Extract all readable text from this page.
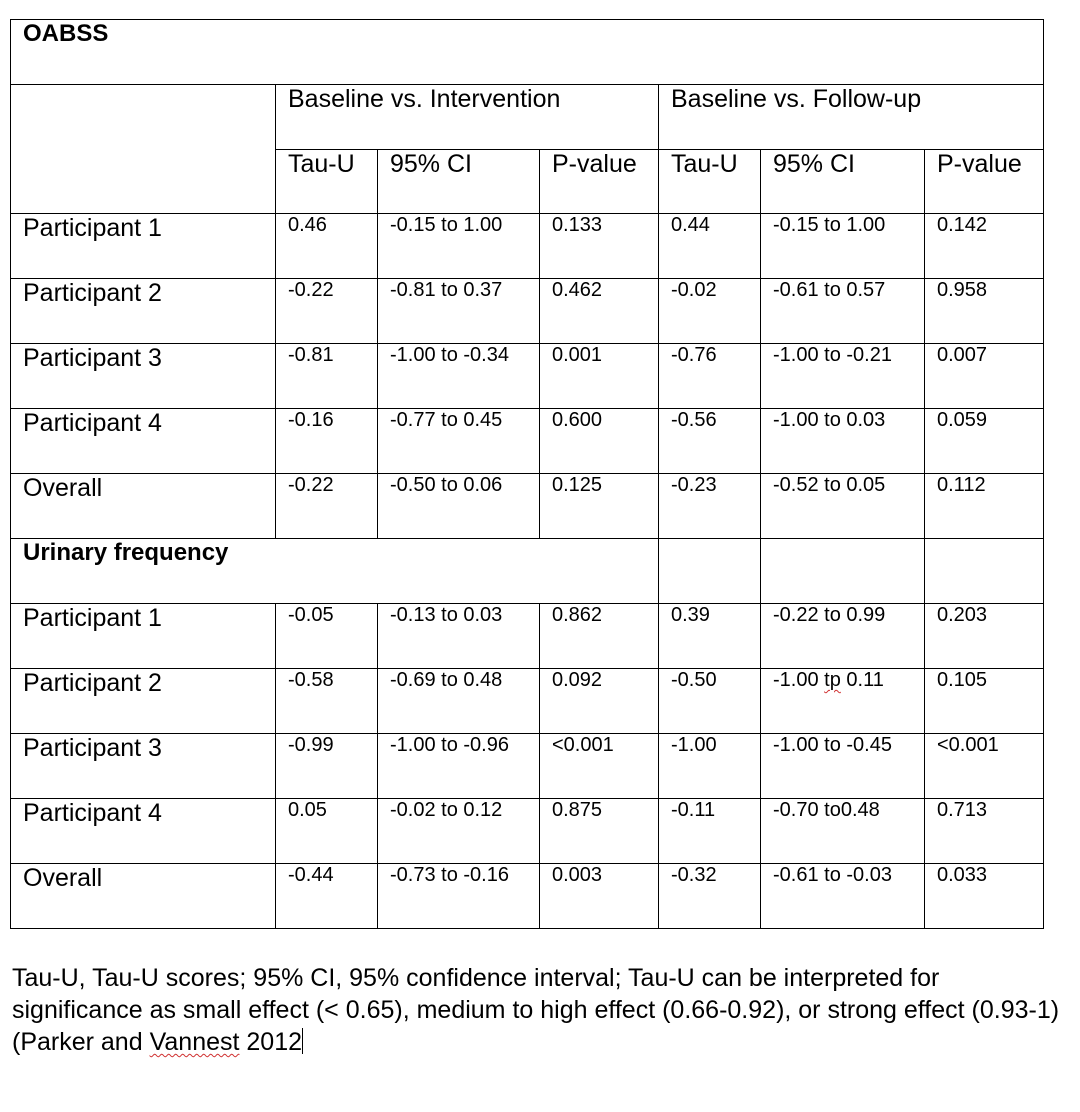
OABSS						
	Baseline vs. Intervention			Baseline vs. Follow-up		
	Tau-U	95% CI	P-value	Tau-U	95% CI	P-value
Participant 1	0.46	-0.15 to 1.00	0.133	0.44	-0.15 to 1.00	0.142
Participant 2	-0.22	-0.81 to 0.37	0.462	-0.02	-0.61 to 0.57	0.958
Participant 3	-0.81	-1.00 to -0.34	0.001	-0.76	-1.00 to -0.21	0.007
Participant 4	-0.16	-0.77 to 0.45	0.600	-0.56	-1.00 to 0.03	0.059
Overall	-0.22	-0.50 to 0.06	0.125	-0.23	-0.52 to 0.05	0.112
Urinary frequency						
Participant 1	-0.05	-0.13 to 0.03	0.862	0.39	-0.22 to 0.99	0.203
Participant 2	-0.58	-0.69 to 0.48	0.092	-0.50	-1.00 tp 0.11	0.105
Participant 3	-0.99	-1.00 to -0.96	<0.001	-1.00	-1.00 to -0.45	<0.001
Participant 4	0.05	-0.02 to 0.12	0.875	-0.11	-0.70 to0.48	0.713
Overall	-0.44	-0.73 to -0.16	0.003	-0.32	-0.61 to -0.03	0.033
Tau-U, Tau-U scores; 95% CI, 95% confidence interval; Tau-U can be interpreted for significance as small effect (< 0.65), medium to high effect (0.66-0.92), or strong effect (0.93-1) (Parker and Vannest 2012
